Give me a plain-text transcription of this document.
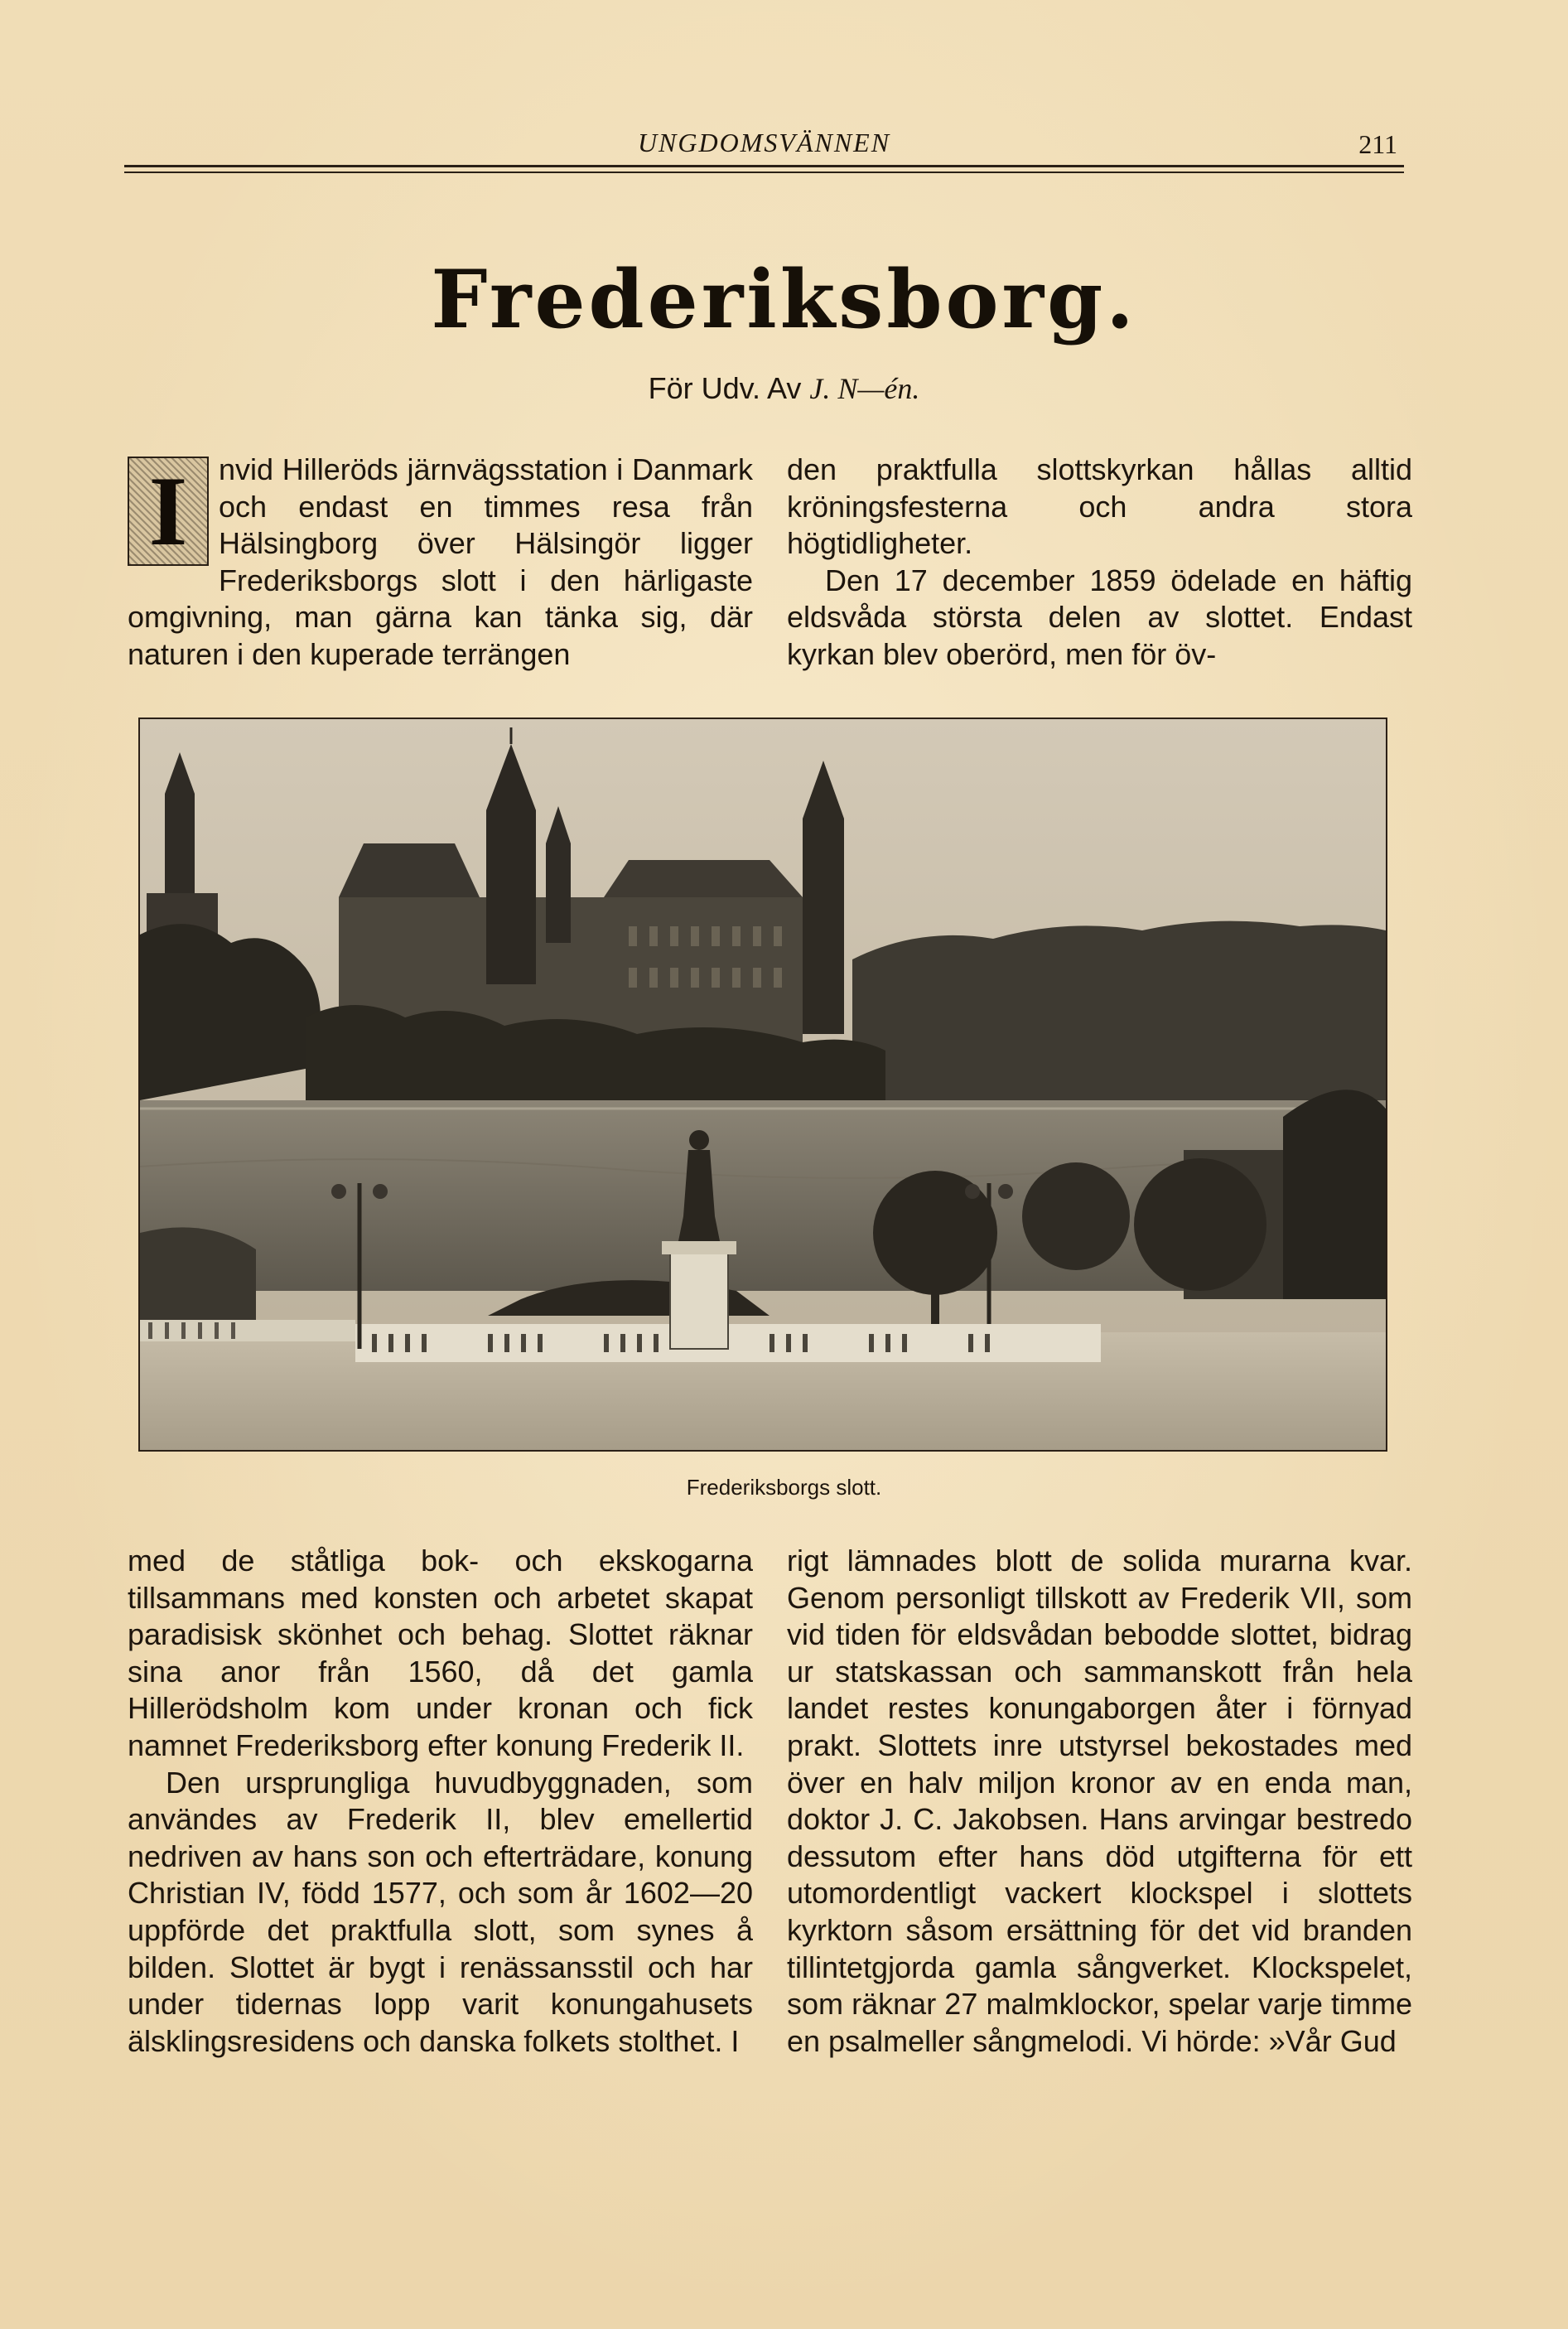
UNGDOMSVÄNNEN	211
Frederiksborg.
För Udv. Av J. N—én.

I	nvid Hilleröds järnvägsstation i Danmark och endast en timmes resa från Hälsingborg över Hälsingör ligger Frederiksborgs slott i den härligaste omgivning, man gärna kan tänka sig, där naturen i den kuperade terrängen

den praktfulla slottskyrkan hållas alltid kröningsfesterna och andra stora högtidligheter.

Den 17 december 1859 ödelade en häftig eldsvåda största delen av slottet. Endast kyrkan blev oberörd, men för öv-

Frederiksborgs slott.

med de ståtliga bok- och ekskogarna tillsammans med konsten och arbetet skapat paradisisk skönhet och behag. Slottet räknar sina anor från 1560, då det gamla Hillerödsholm kom under kronan och fick namnet Frederiksborg efter konung Frederik II.

Den ursprungliga huvudbyggnaden, som användes av Frederik II, blev emellertid nedriven av hans son och efterträdare, konung Christian IV, född 1577, och som år 1602—20 uppförde det praktfulla slott, som synes å bilden. Slottet är bygt i renässansstil och har under tidernas lopp varit konungahusets älsklingsresidens och danska folkets stolthet. I

rigt lämnades blott de solida murarna kvar. Genom personligt tillskott av Frederik VII, som vid tiden för eldsvådan bebodde slottet, bidrag ur statskassan och sammanskott från hela landet restes konungaborgen åter i förnyad prakt. Slottets inre utstyrsel bekostades med över en halv miljon kronor av en enda man, doktor J. C. Jakobsen. Hans arvingar bestredo dessutom efter hans död utgifterna för ett utomordentligt vackert klockspel i slottets kyrktorn såsom ersättning för det vid branden tillintetgjorda gamla sångverket. Klockspelet, som räknar 27 malmklockor, spelar varje timme en psalmeller sångmelodi. Vi hörde: »Vår Gud
